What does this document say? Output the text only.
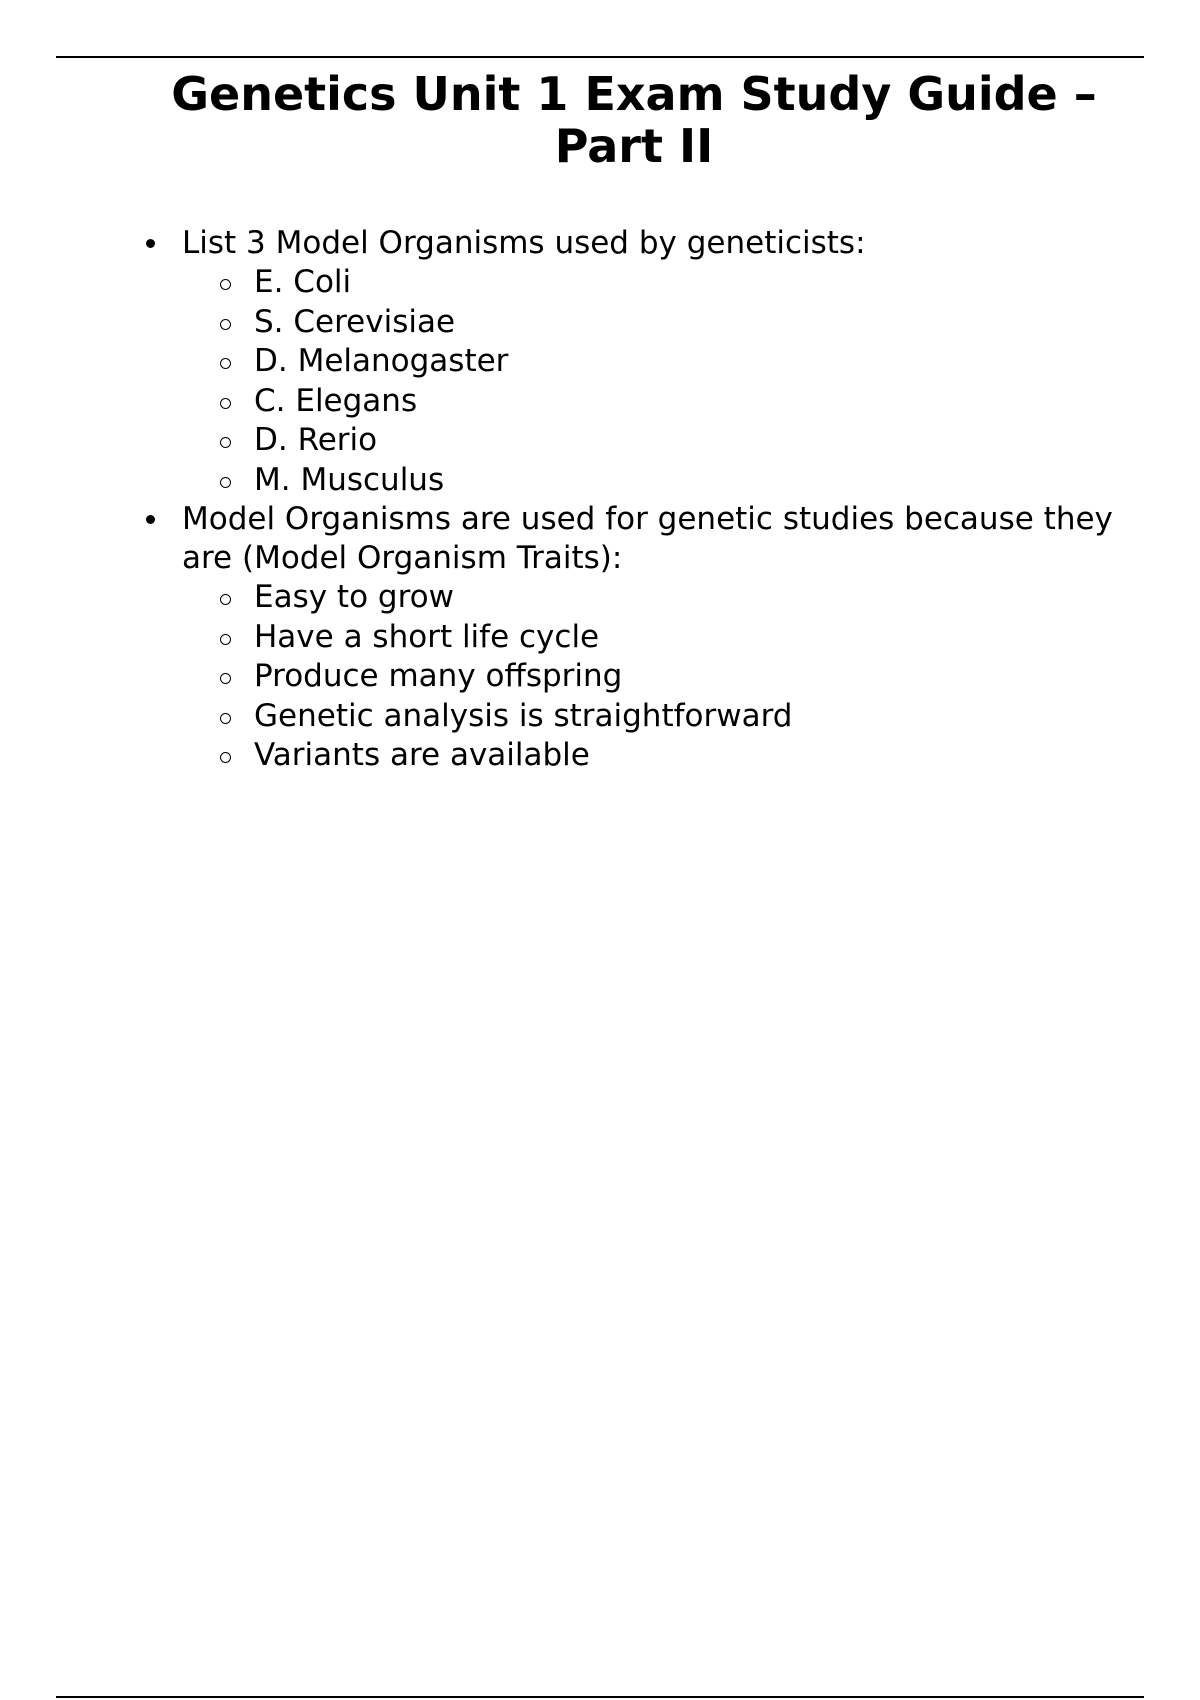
Genetics Unit 1 Exam Study Guide – Part II
List 3 Model Organisms used by geneticists:
E. Coli
S. Cerevisiae
D. Melanogaster
C. Elegans
D. Rerio
M. Musculus
Model Organisms are used for genetic studies because they are (Model Organism Traits):
Easy to grow
Have a short life cycle
Produce many offspring
Genetic analysis is straightforward
Variants are available
